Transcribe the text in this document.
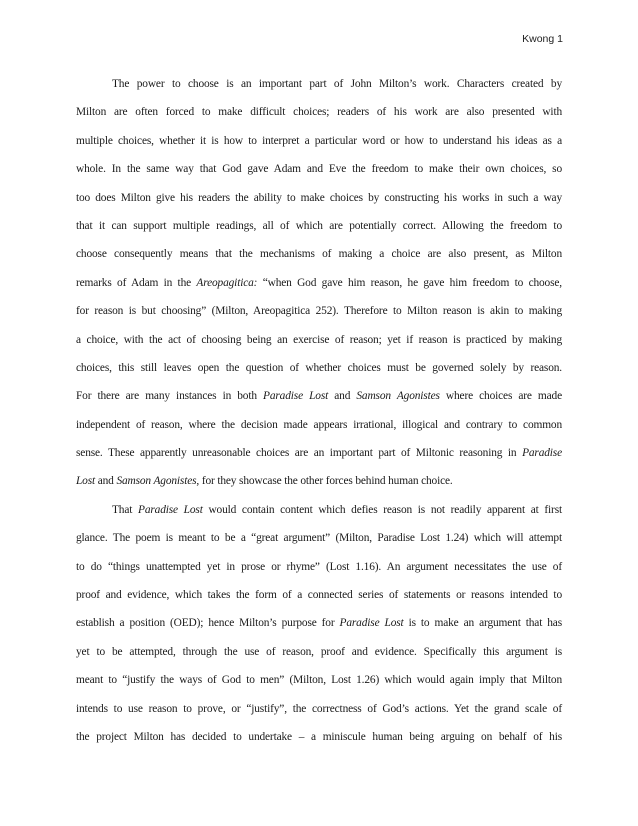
Kwong 1
The power to choose is an important part of John Milton’s work. Characters created by
Milton are often forced to make difficult choices; readers of his work are also presented with
multiple choices, whether it is how to interpret a particular word or how to understand his ideas as a
whole. In the same way that God gave Adam and Eve the freedom to make their own choices, so
too does Milton give his readers the ability to make choices by constructing his works in such a way
that it can support multiple readings, all of which are potentially correct. Allowing the freedom to
choose consequently means that the mechanisms of making a choice are also present, as Milton
remarks of Adam in the Areopagitica: “when God gave him reason, he gave him freedom to choose,
for reason is but choosing” (Milton, Areopagitica 252). Therefore to Milton reason is akin to making
a choice, with the act of choosing being an exercise of reason; yet if reason is practiced by making
choices, this still leaves open the question of whether choices must be governed solely by reason.
For there are many instances in both Paradise Lost and Samson Agonistes where choices are made
independent of reason, where the decision made appears irrational, illogical and contrary to common
sense. These apparently unreasonable choices are an important part of Miltonic reasoning in Paradise
Lost and Samson Agonistes, for they showcase the other forces behind human choice.
That Paradise Lost would contain content which defies reason is not readily apparent at first
glance. The poem is meant to be a “great argument” (Milton, Paradise Lost 1.24) which will attempt
to do “things unattempted yet in prose or rhyme” (Lost 1.16). An argument necessitates the use of
proof and evidence, which takes the form of a connected series of statements or reasons intended to
establish a position (OED); hence Milton’s purpose for Paradise Lost is to make an argument that has
yet to be attempted, through the use of reason, proof and evidence. Specifically this argument is
meant to “justify the ways of God to men” (Milton, Lost 1.26) which would again imply that Milton
intends to use reason to prove, or “justify”, the correctness of God’s actions. Yet the grand scale of
the project Milton has decided to undertake – a miniscule human being arguing on behalf of his
